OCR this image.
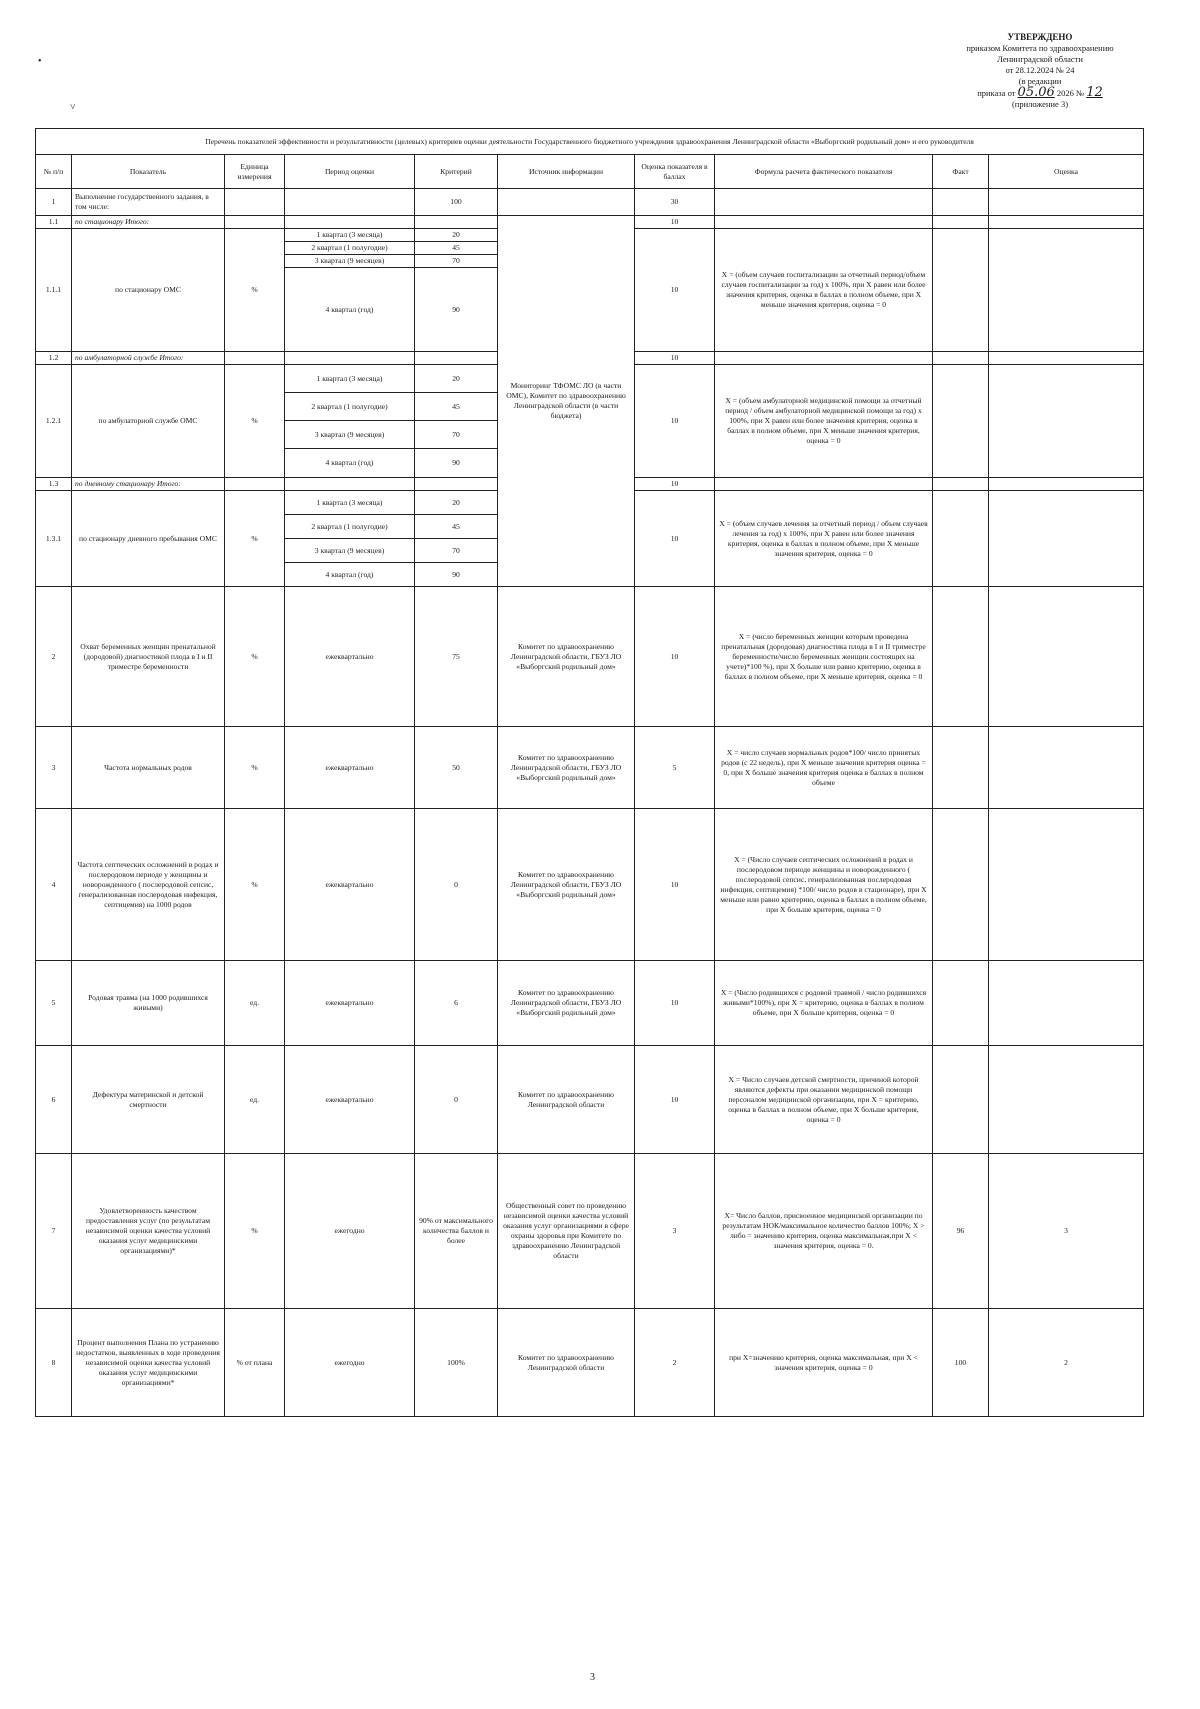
УТВЕРЖДЕНО
приказом Комитета по здравоохранению
Ленинградской области
от 28.12.2024 № 24
(в редакции
приказа от 05.06 2026 № 12
(приложение 3)
•
˅
Перечень показателей эффективности и результативности (целевых) критериев оценки деятельности Государственного бюджетного учреждения здравоохранения Ленинградской области «Выборгский родильный дом» и его руководителя									
№ п/п	Показатель	Единица измерения	Период оценки	Критерий	Источник информации	Оценка показателя в баллах	Формула расчета фактического показателя	Факт	Оценка
1	Выполнение государственного задания, в том числе:			100		30			
1.1	по стационару Итого:				Мониторинг ТФОМС ЛО (в части ОМС), Комитет по здравоохранению Ленинградской области (в части бюджета)	10			
1.1.1	по стационару ОМС	%	1 квартал (3 месяца)	20		10	Х = (объем случаев госпитализации за отчетный период/объем случаев госпитализации за год) х 100%, при Х равен или более значения критерия, оценка в баллах в полном объеме, при Х меньше значения критерия, оценка = 0		
			2 квартал (1 полугодие)	45					
			3 квартал (9 месяцев)	70					
			4 квартал (год)	90					
1.2	по амбулаторной службе Итого:					10			
1.2.1	по амбулаторной службе ОМС	%	1 квартал (3 месяца)	20		10	Х = (объем амбулаторной медицинской помощи за отчетный период / объем амбулаторной медицинской помощи за год) х 100%, при Х равен или более значения критерия, оценка в баллах в полном объеме, при Х меньше значения критерия, оценка = 0		
			2 квартал (1 полугодие)	45					
			3 квартал (9 месяцев)	70					
			4 квартал (год)	90					
1.3	по дневному стационару Итого:					10			
1.3.1	по стационару дневного пребывания ОМС	%	1 квартал (3 месяца)	20		10	Х = (объем случаев лечения за отчетный период / объем случаев лечения за год) х 100%, при Х равен или более значения критерия, оценка в баллах в полном объеме, при Х меньше значения критерия, оценка = 0		
			2 квартал (1 полугодие)	45					
			3 квартал (9 месяцев)	70					
			4 квартал (год)	90					
2	Охват беременных женщин пренатальной (дородовой) диагностикой плода в I и II триместре беременности	%	ежеквартально	75	Комитет по здравоохранению Ленинградской области, ГБУЗ ЛО «Выборгский родильный дом»	10	Х = (число беременных женщин которым проведена пренатальная (дородовая) диагностика плода в I и II триместре беременности/число беременных женщин состоящих на учете)*100 %), при Х больше или равно критерию, оценка в баллах в полном объеме, при Х меньше критерия, оценка = 0		
3	Частота нормальных родов	%	ежеквартально	50	Комитет по здравоохранению Ленинградской области, ГБУЗ ЛО «Выборгский родильный дом»	5	Х = число случаев нормальных родов*100/ число принятых родов (с 22 недель), при Х меньше значения критерия оценка = 0, при Х больше значения критерия оценка в баллах в полном объеме		
4	Частота септических осложнений в родах и послеродовом периоде у женщины и новорожденного ( послеродовой сепсис, генерализованная послеродовая инфекция, септицемия) на 1000 родов	%	ежеквартально	0	Комитет по здравоохранению Ленинградской области, ГБУЗ ЛО «Выборгский родильный дом»	10	Х = (Число случаев септических осложнений в родах и послеродовом периоде женщины и новорожденного ( послеродовой сепсис, генерализованная послеродовая инфекция, септицемия) *100/ число родов в стационаре), при Х меньше или равно критерию, оценка в баллах в полном объеме, при Х больше критерия, оценка = 0		
5	Родовая травма (на 1000 родившихся живыми)	ед.	ежеквартально	6	Комитет по здравоохранению Ленинградской области, ГБУЗ ЛО «Выборгский родильный дом»	10	Х = (Число родившихся с родовой травмой / число родившихся живыми*100%), при Х = критерию, оценка в баллах в полном объеме, при Х больше критерия, оценка = 0		
6	Дефектура материнской и детской смертности	ед.	ежеквартально	0	Комитет по здравоохранению Ленинградской области	10	Х = Число случаев детской смертности, причиной которой являются дефекты при оказании медицинской помощи персоналом медицинской организации, при Х = критерию, оценка в баллах в полном объеме, при Х больше критерия, оценка = 0		
7	Удовлетворенность качеством предоставления услуг (по результатам независимой оценки качества условий оказания услуг медицинскими организациями)*	%	ежегодно	90% от максимального количества баллов и более	Общественный совет по проведению независимой оценки качества условий оказания услуг организациями в сфере охраны здоровья при Комитете по здравоохранению Ленинградской области	3	Х= Число баллов, присвоенное медицинской организации по результатам НОК/максимальное количество баллов 100%; Х > либо = значению критерия, оценка максимальная,при Х < значения критерия, оценка = 0.	96	3
8	Процент выполнения Плана по устранению недостатков, выявленных в ходе проведения независимой оценки качества условий оказания услуг медицинскими организациями*	% от плана	ежегодно	100%	Комитет по здравоохранению Ленинградской области	2	при Х=значению критерия, оценка максимальная, при Х < значения критерия, оценка = 0	100	2
3
